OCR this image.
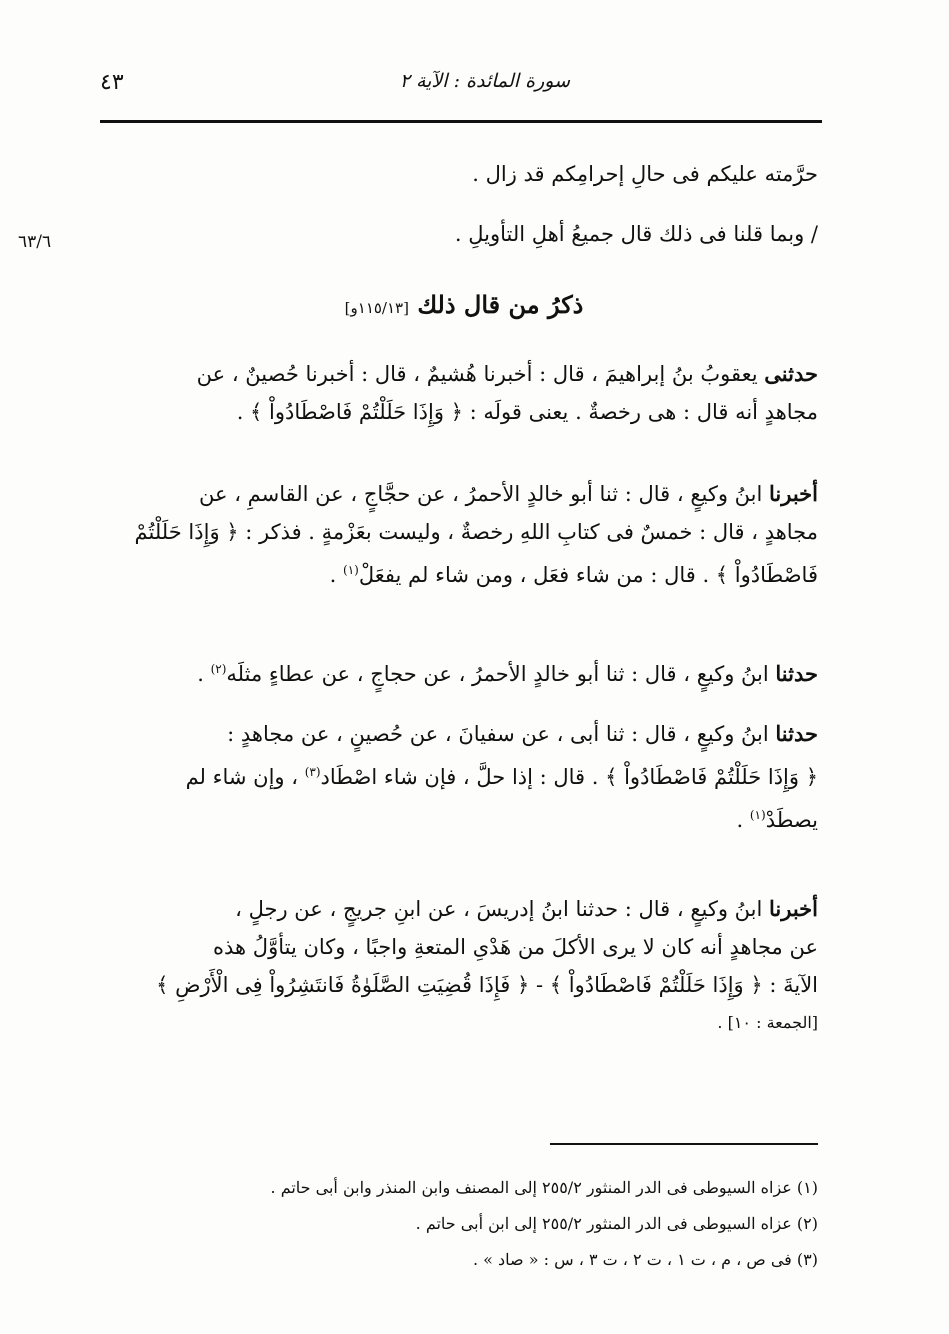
سورة المائدة : الآية ٢
٤٣
٦٣/٦
حرَّمته عليكم فى حالِ إحرامِكم قد زال .
/ وبما قلنا فى ذلك قال جميعُ أهلِ التأويلِ .
ذكرُ من قال ذلك [١١٥/١٣و]
حدثنى يعقوبُ بنُ إبراهيمَ ، قال : أخبرنا هُشيمٌ ، قال : أخبرنا حُصينٌ ، عن
مجاهدٍ أنه قال : هى رخصةٌ . يعنى قولَه : ﴿ وَإِذَا حَلَلْتُمْ فَاصْطَادُواْ ﴾ .
أخبرنا ابنُ وكيعٍ ، قال : ثنا أبو خالدٍ الأحمرُ ، عن حجَّاجٍ ، عن القاسمِ ، عن
مجاهدٍ ، قال : خمسٌ فى كتابِ اللهِ رخصةٌ ، وليست بعَزْمةٍ . فذكر : ﴿ وَإِذَا حَلَلْتُمْ
فَاصْطَادُواْ ﴾ . قال : من شاء فعَل ، ومن شاء لم يفعَلْ$^{(١)}$ .
حدثنا ابنُ وكيعٍ ، قال : ثنا أبو خالدٍ الأحمرُ ، عن حجاجٍ ، عن عطاءٍ مثلَه$^{(٢)}$ .
حدثنا ابنُ وكيعٍ ، قال : ثنا أبى ، عن سفيانَ ، عن حُصينٍ ، عن مجاهدٍ :
﴿ وَإِذَا حَلَلْتُمْ فَاصْطَادُواْ ﴾ . قال : إذا حلَّ ، فإن شاء اصْطَاد$^{(٣)}$ ، وإن شاء لم
يصطَدْ$^{(١)}$ .
أخبرنا ابنُ وكيعٍ ، قال : حدثنا ابنُ إدريسَ ، عن ابنِ جريجٍ ، عن رجلٍ ،
عن مجاهدٍ أنه كان لا يرى الأكلَ من هَدْىِ المتعةِ واجبًا ، وكان يتأوَّلُ هذه
الآيةَ : ﴿ وَإِذَا حَلَلْتُمْ فَاصْطَادُواْ ﴾ - ﴿ فَإِذَا قُضِيَتِ الصَّلَوٰةُ فَانتَشِرُواْ فِى الْأَرْضِ ﴾
[الجمعة : ١٠] .
(١) عزاه السيوطى فى الدر المنثور ٢٥٥/٢ إلى المصنف وابن المنذر وابن أبى حاتم .
(٢) عزاه السيوطى فى الدر المنثور ٢٥٥/٢ إلى ابن أبى حاتم .
(٣) فى ص ، م ، ت ١ ، ت ٢ ، ت ٣ ، س : « صاد » .
